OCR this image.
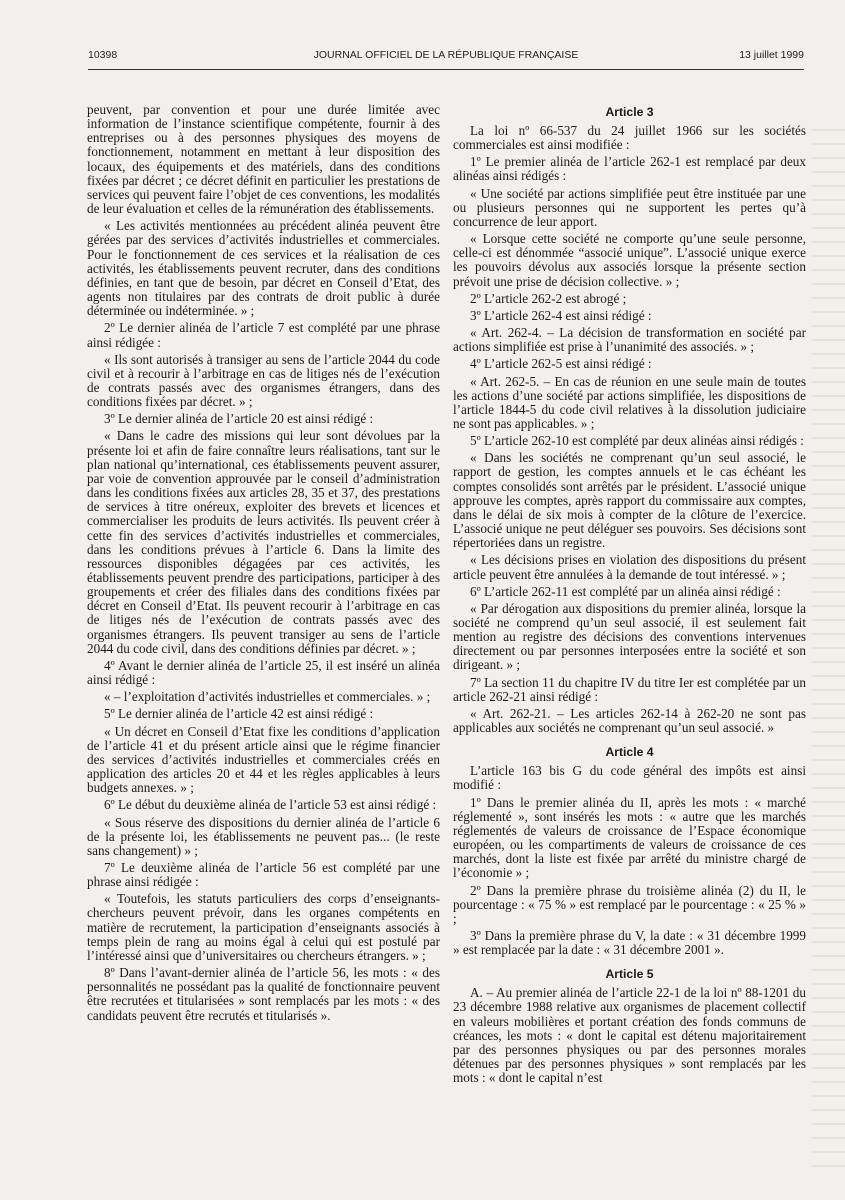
10398	JOURNAL OFFICIEL DE LA RÉPUBLIQUE FRANÇAISE	13 juillet 1999

peuvent, par convention et pour une durée limitée avec information de l’instance scientifique compétente, fournir à des entreprises ou à des personnes physiques des moyens de fonctionnement, notamment en mettant à leur disposition des locaux, des équipements et des matériels, dans des conditions fixées par décret ; ce décret définit en particulier les prestations de services qui peuvent faire l’objet de ces conventions, les modalités de leur évaluation et celles de la rémunération des établissements.

« Les activités mentionnées au précédent alinéa peuvent être gérées par des services d’activités industrielles et commerciales. Pour le fonctionnement de ces services et la réalisation de ces activités, les établissements peuvent recruter, dans des conditions définies, en tant que de besoin, par décret en Conseil d’Etat, des agents non titulaires par des contrats de droit public à durée déterminée ou indéterminée. » ;

2º Le dernier alinéa de l’article 7 est complété par une phrase ainsi rédigée :

« Ils sont autorisés à transiger au sens de l’article 2044 du code civil et à recourir à l’arbitrage en cas de litiges nés de l’exécution de contrats passés avec des organismes étrangers, dans des conditions fixées par décret. » ;

3º Le dernier alinéa de l’article 20 est ainsi rédigé :

« Dans le cadre des missions qui leur sont dévolues par la présente loi et afin de faire connaître leurs réalisations, tant sur le plan national qu’international, ces établissements peuvent assurer, par voie de convention approuvée par le conseil d’administration dans les conditions fixées aux articles 28, 35 et 37, des prestations de services à titre onéreux, exploiter des brevets et licences et commercialiser les produits de leurs activités. Ils peuvent créer à cette fin des services d’activités industrielles et commerciales, dans les conditions prévues à l’article 6. Dans la limite des ressources disponibles dégagées par ces activités, les établissements peuvent prendre des participations, participer à des groupements et créer des filiales dans des conditions fixées par décret en Conseil d’Etat. Ils peuvent recourir à l’arbitrage en cas de litiges nés de l’exécution de contrats passés avec des organismes étrangers. Ils peuvent transiger au sens de l’article 2044 du code civil, dans des conditions définies par décret. » ;

4º Avant le dernier alinéa de l’article 25, il est inséré un alinéa ainsi rédigé :

« – l’exploitation d’activités industrielles et commerciales. » ;

5º Le dernier alinéa de l’article 42 est ainsi rédigé :

« Un décret en Conseil d’Etat fixe les conditions d’application de l’article 41 et du présent article ainsi que le régime financier des services d’activités industrielles et commerciales créés en application des articles 20 et 44 et les règles applicables à leurs budgets annexes. » ;

6º Le début du deuxième alinéa de l’article 53 est ainsi rédigé :

« Sous réserve des dispositions du dernier alinéa de l’article 6 de la présente loi, les établissements ne peuvent pas... (le reste sans changement) » ;

7º Le deuxième alinéa de l’article 56 est complété par une phrase ainsi rédigée :

« Toutefois, les statuts particuliers des corps d’enseignants-chercheurs peuvent prévoir, dans les organes compétents en matière de recrutement, la participation d’enseignants associés à temps plein de rang au moins égal à celui qui est postulé par l’intéressé ainsi que d’universitaires ou chercheurs étrangers. » ;

8º Dans l’avant-dernier alinéa de l’article 56, les mots : « des personnalités ne possédant pas la qualité de fonctionnaire peuvent être recrutées et titularisées » sont remplacés par les mots : « des candidats peuvent être recrutés et titularisés ».

Article 3

La loi nº 66-537 du 24 juillet 1966 sur les sociétés commerciales est ainsi modifiée :

1º Le premier alinéa de l’article 262-1 est remplacé par deux alinéas ainsi rédigés :

« Une société par actions simplifiée peut être instituée par une ou plusieurs personnes qui ne supportent les pertes qu’à concurrence de leur apport.

« Lorsque cette société ne comporte qu’une seule personne, celle-ci est dénommée “associé unique”. L’associé unique exerce les pouvoirs dévolus aux associés lorsque la présente section prévoit une prise de décision collective. » ;

2º L’article 262-2 est abrogé ;

3º L’article 262-4 est ainsi rédigé :

« Art. 262-4. – La décision de transformation en société par actions simplifiée est prise à l’unanimité des associés. » ;

4º L’article 262-5 est ainsi rédigé :

« Art. 262-5. – En cas de réunion en une seule main de toutes les actions d’une société par actions simplifiée, les dispositions de l’article 1844-5 du code civil relatives à la dissolution judiciaire ne sont pas applicables. » ;

5º L’article 262-10 est complété par deux alinéas ainsi rédigés :

« Dans les sociétés ne comprenant qu’un seul associé, le rapport de gestion, les comptes annuels et le cas échéant les comptes consolidés sont arrêtés par le président. L’associé unique approuve les comptes, après rapport du commissaire aux comptes, dans le délai de six mois à compter de la clôture de l’exercice. L’associé unique ne peut déléguer ses pouvoirs. Ses décisions sont répertoriées dans un registre.

« Les décisions prises en violation des dispositions du présent article peuvent être annulées à la demande de tout intéressé. » ;

6º L’article 262-11 est complété par un alinéa ainsi rédigé :

« Par dérogation aux dispositions du premier alinéa, lorsque la société ne comprend qu’un seul associé, il est seulement fait mention au registre des décisions des conventions intervenues directement ou par personnes interposées entre la société et son dirigeant. » ;

7º La section 11 du chapitre IV du titre Ier est complétée par un article 262-21 ainsi rédigé :

« Art. 262-21. – Les articles 262-14 à 262-20 ne sont pas applicables aux sociétés ne comprenant qu’un seul associé. »

Article 4

L’article 163 bis G du code général des impôts est ainsi modifié :

1º Dans le premier alinéa du II, après les mots : « marché réglementé », sont insérés les mots : « autre que les marchés réglementés de valeurs de croissance de l’Espace économique européen, ou les compartiments de valeurs de croissance de ces marchés, dont la liste est fixée par arrêté du ministre chargé de l’économie » ;

2º Dans la première phrase du troisième alinéa (2) du II, le pourcentage : « 75 % » est remplacé par le pourcentage : « 25 % » ;

3º Dans la première phrase du V, la date : « 31 décembre 1999 » est remplacée par la date : « 31 décembre 2001 ».

Article 5

A. – Au premier alinéa de l’article 22-1 de la loi nº 88-1201 du 23 décembre 1988 relative aux organismes de placement collectif en valeurs mobilières et portant création des fonds communs de créances, les mots : « dont le capital est détenu majoritairement par des personnes physiques ou par des personnes morales détenues par des personnes physiques » sont remplacés par les mots : « dont le capital n’est
